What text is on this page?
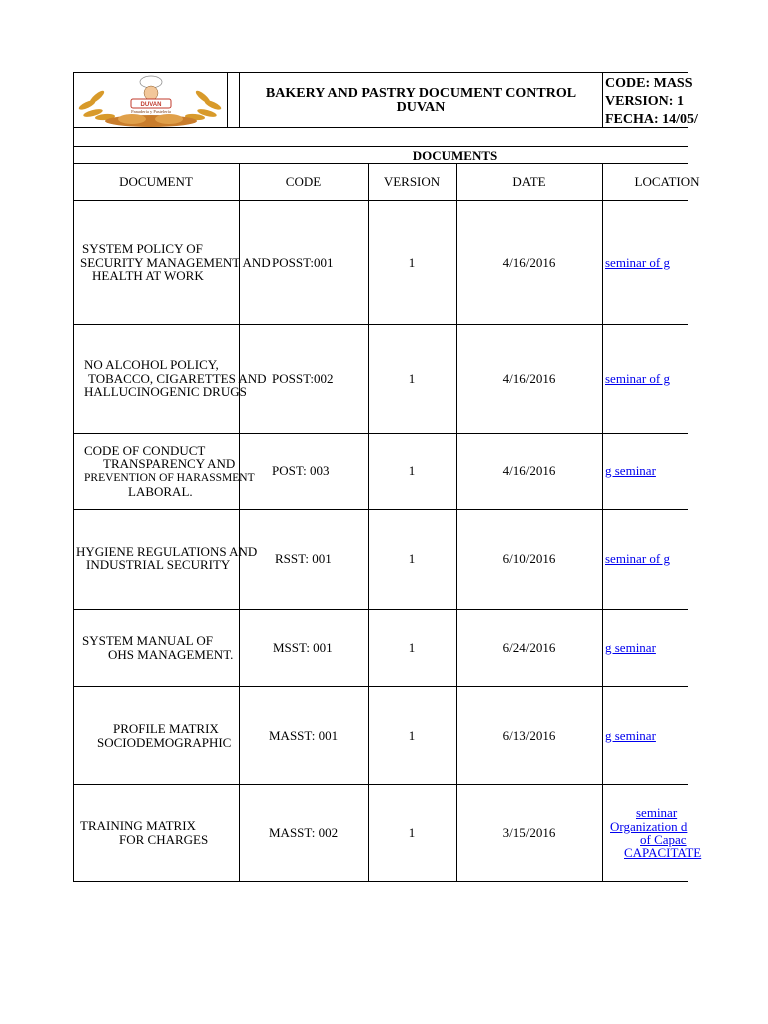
DUVAN
Panadería y Pastelería
BAKERY AND PASTRY DOCUMENT CONTROL
DUVAN
CODE: MASS
VERSION: 1
FECHA: 14/05/
DOCUMENTS
DOCUMENT	CODE	VERSION	DATE	LOCATION
SYSTEM POLICY OF
SECURITY MANAGEMENT AND
HEALTH AT WORK
POSST:001	1	4/16/2016	seminar of g
NO ALCOHOL POLICY,
TOBACCO, CIGARETTES AND
HALLUCINOGENIC DRUGS
POSST:002	1	4/16/2016	seminar of g
CODE OF CONDUCT
TRANSPARENCY AND
PREVENTION OF HARASSMENT
LABORAL.
POST: 003	1	4/16/2016	g seminar
HYGIENE REGULATIONS AND
INDUSTRIAL SECURITY	RSST: 001	1	6/10/2016	seminar of g
SYSTEM MANUAL OF
OHS MANAGEMENT.	MSST: 001	1	6/24/2016	g seminar
PROFILE MATRIX
SOCIODEMOGRAPHIC	MASST: 001	1	6/13/2016	g seminar
TRAINING MATRIX
FOR CHARGES	MASST: 002	1	3/15/2016
seminar
Organization d
of Capac
CAPACITATE
